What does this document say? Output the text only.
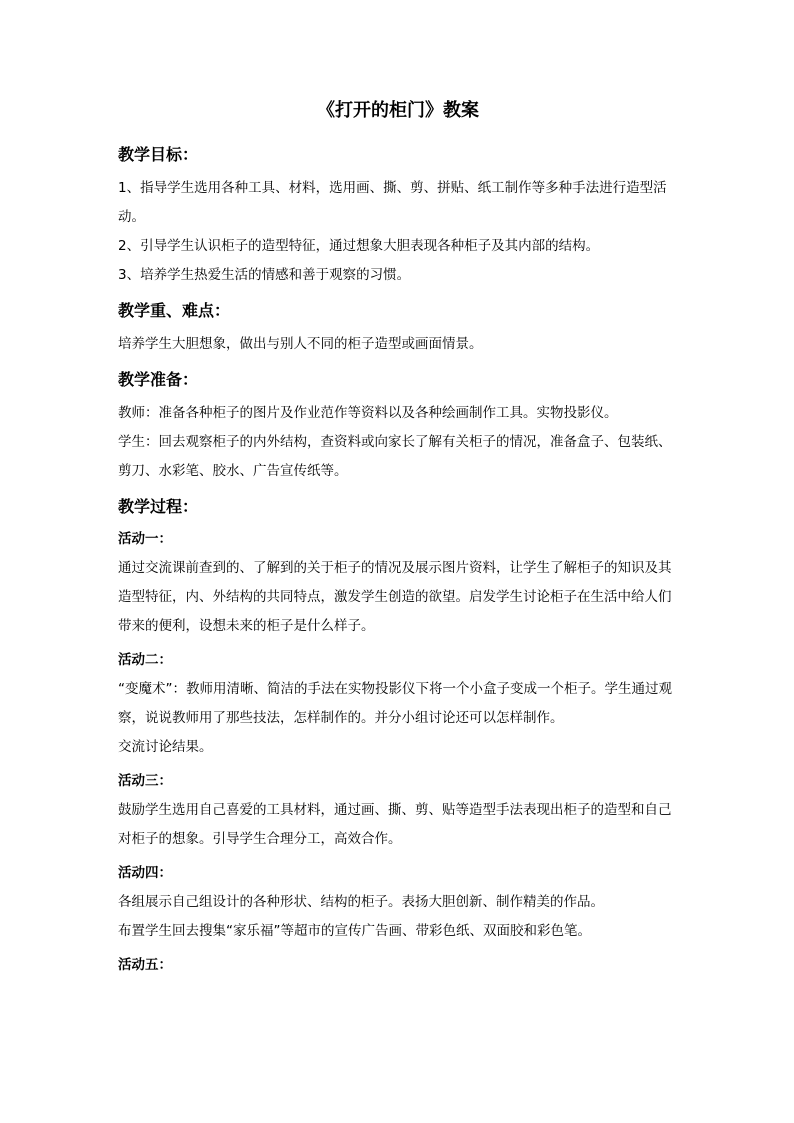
《打开的柜门》教案
教学目标：

1、指导学生选用各种工具、材料，选用画、撕、剪、拼贴、纸工制作等多种手法进行造型活动。

2、引导学生认识柜子的造型特征，通过想象大胆表现各种柜子及其内部的结构。

3、培养学生热爱生活的情感和善于观察的习惯。

教学重、难点：

培养学生大胆想象，做出与别人不同的柜子造型或画面情景。

教学准备：

教师：准备各种柜子的图片及作业范作等资料以及各种绘画制作工具。实物投影仪。

学生：回去观察柜子的内外结构，查资料或向家长了解有关柜子的情况，准备盒子、包装纸、剪刀、水彩笔、胶水、广告宣传纸等。

教学过程：
活动一：

通过交流课前查到的、了解到的关于柜子的情况及展示图片资料，让学生了解柜子的知识及其造型特征，内、外结构的共同特点，激发学生创造的欲望。启发学生讨论柜子在生活中给人们带来的便利，设想未来的柜子是什么样子。

活动二：

“变魔术”：教师用清晰、简洁的手法在实物投影仪下将一个小盒子变成一个柜子。学生通过观察，说说教师用了那些技法，怎样制作的。并分小组讨论还可以怎样制作。

交流讨论结果。

活动三：

鼓励学生选用自己喜爱的工具材料，通过画、撕、剪、贴等造型手法表现出柜子的造型和自己对柜子的想象。引导学生合理分工，高效合作。

活动四：

各组展示自己组设计的各种形状、结构的柜子。表扬大胆创新、制作精美的作品。

布置学生回去搜集“家乐福”等超市的宣传广告画、带彩色纸、双面胶和彩色笔。

活动五：
